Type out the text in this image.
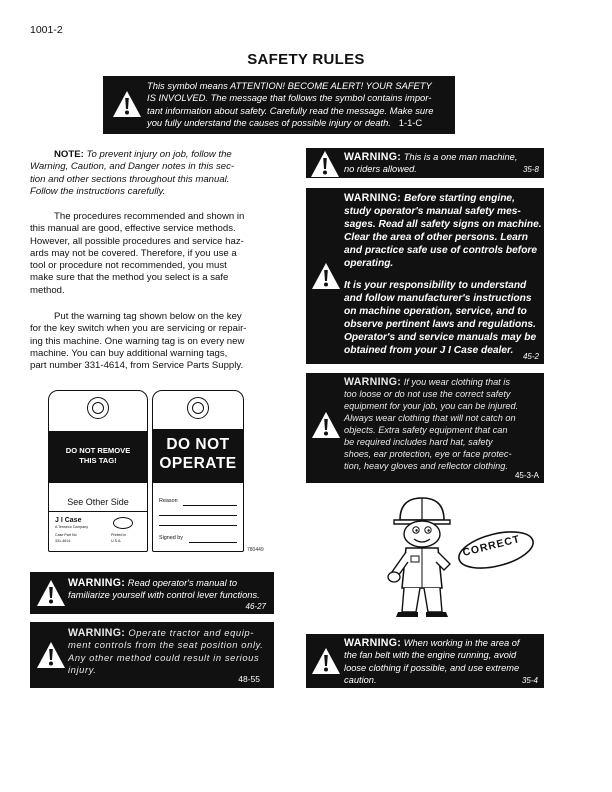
1001-2
SAFETY RULES
This symbol means ATTENTION! BECOME ALERT! YOUR SAFETY
IS INVOLVED. The message that follows the symbol contains impor-
tant information about safety. Carefully read the message. Make sure
you fully understand the causes of possible injury or death. 1-1-C
NOTE: To prevent injury on job, follow the
Warning, Caution, and Danger notes in this sec-
tion and other sections throughout this manual.
Follow the instructions carefully.
The procedures recommended and shown in
this manual are good, effective service methods.
However, all possible procedures and service haz-
ards may not be covered. Therefore, if you use a
tool or procedure not recommended, you must
make sure that the method you select is a safe
method.
Put the warning tag shown below on the key
for the key switch when you are servicing or repair-
ing this machine. One warning tag is on every new
machine. You can buy additional warning tags,
part number 331-4614, from Service Parts Supply.
DO NOT REMOVE
THIS TAG!
See Other Side
J I Case
A Tenneco Company
Case Part No
331-4614
Printed in
U.S.A.
DO NOT
OPERATE
Reason
Signed by
780449
WARNING: Read operator's manual to
familiarize yourself with control lever functions.
46-27
WARNING: Operate tractor and equip-
ment controls from the seat position only.
Any other method could result in serious
injury.
48-55
WARNING: This is a one man machine,
no riders allowed.	35-8
WARNING: Before starting engine,
study operator's manual safety mes-
sages. Read all safety signs on machine.
Clear the area of other persons. Learn
and practice safe use of controls before
operating.
It is your responsibility to understand
and follow manufacturer's instructions
on machine operation, service, and to
observe pertinent laws and regulations.
Operator's and service manuals may be
obtained from your J I Case dealer.
45-2
WARNING: If you wear clothing that is
too loose or do not use the correct safety
equipment for your job, you can be injured.
Always wear clothing that will not catch on
objects. Extra safety equipment that can
be required includes hard hat, safety
shoes, ear protection, eye or face protec-
tion, heavy gloves and reflector clothing.
45-3-A
CORRECT
WARNING: When working in the area of
the fan belt with the engine running, avoid
loose clothing if possible, and use extreme
caution.	35-4
